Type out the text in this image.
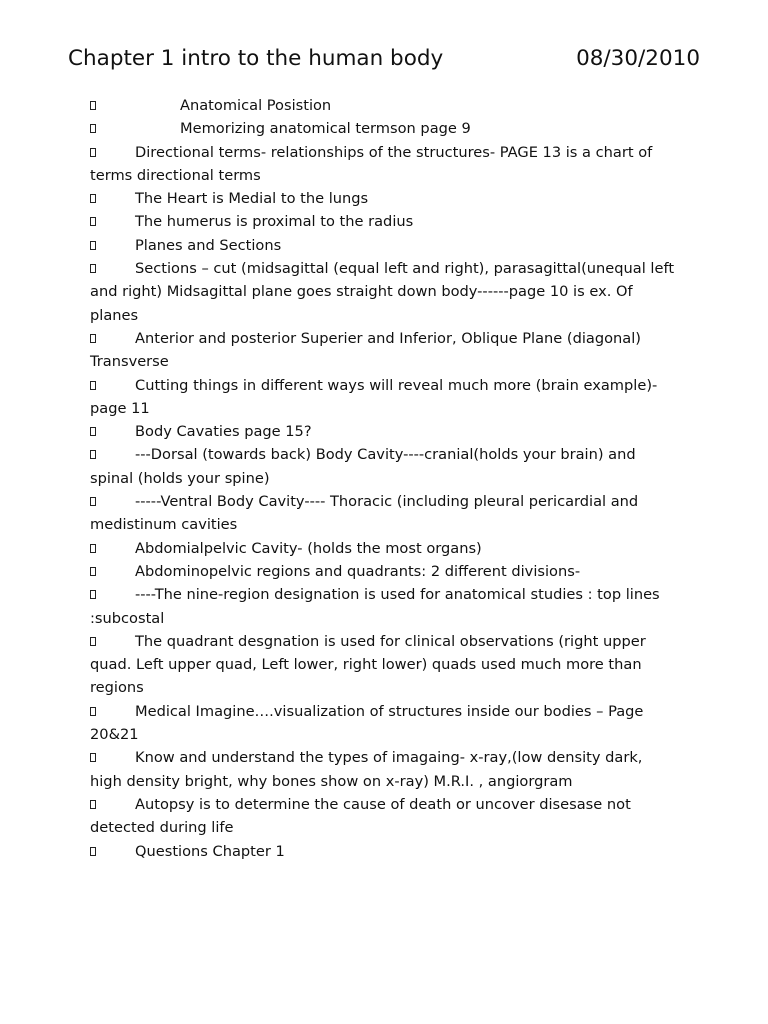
Chapter 1 intro to the human body	08/30/2010
Anatomical Posistion
Memorizing anatomical termson page 9
Directional terms- relationships of the structures- PAGE 13 is a chart of terms directional terms
The Heart is Medial to the lungs
The humerus is proximal to the radius
Planes and Sections
Sections – cut (midsagittal (equal left and right), parasagittal(unequal left and right) Midsagittal plane goes straight down body------page 10 is ex. Of planes
Anterior and posterior Superier and Inferior, Oblique Plane (diagonal) Transverse
Cutting things in different ways will reveal much more (brain example)- page 11
Body Cavaties page 15?
---Dorsal (towards back) Body Cavity----cranial(holds your brain) and spinal (holds your spine)
-----Ventral Body Cavity---- Thoracic (including pleural pericardial and medistinum cavities
Abdomialpelvic Cavity- (holds the most organs)
Abdominopelvic regions and quadrants: 2 different divisions-
----The nine-region designation is used for anatomical studies : top lines :subcostal
The quadrant desgnation is used for clinical observations (right upper quad. Left upper quad, Left lower, right lower) quads used much more than regions
Medical Imagine….visualization of structures inside our bodies – Page 20&21
Know and understand the types of imagaing- x-ray,(low density dark, high density bright, why bones show on x-ray) M.R.I. , angiorgram
Autopsy is to determine the cause of death or uncover disesase not detected during life
Questions Chapter 1
